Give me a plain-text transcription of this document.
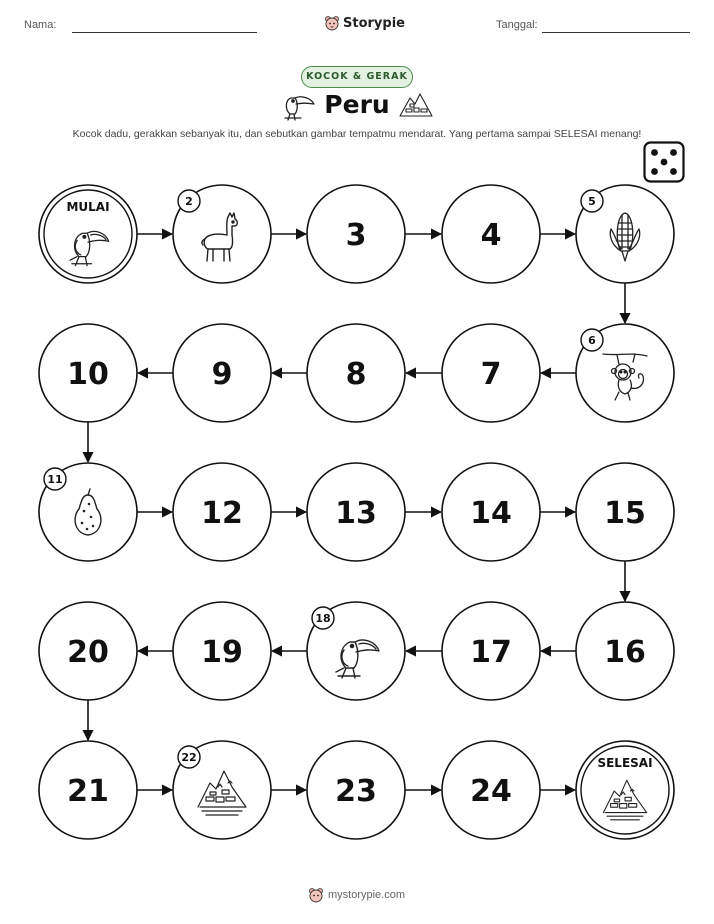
Nama:	Storypie	Tanggal:
KOCOK & GERAK
Peru
Kocok dadu, gerakkan sebanyak itu, dan sebutkan gambar tempatmu mendarat. Yang pertama sampai SELESAI menang!
MULAI	2
3	4
5
6
7
8
9
10
11
12	13	14	15
16
17
18
19
20
21
22
23	24
SELESAI
mystorypie.com
